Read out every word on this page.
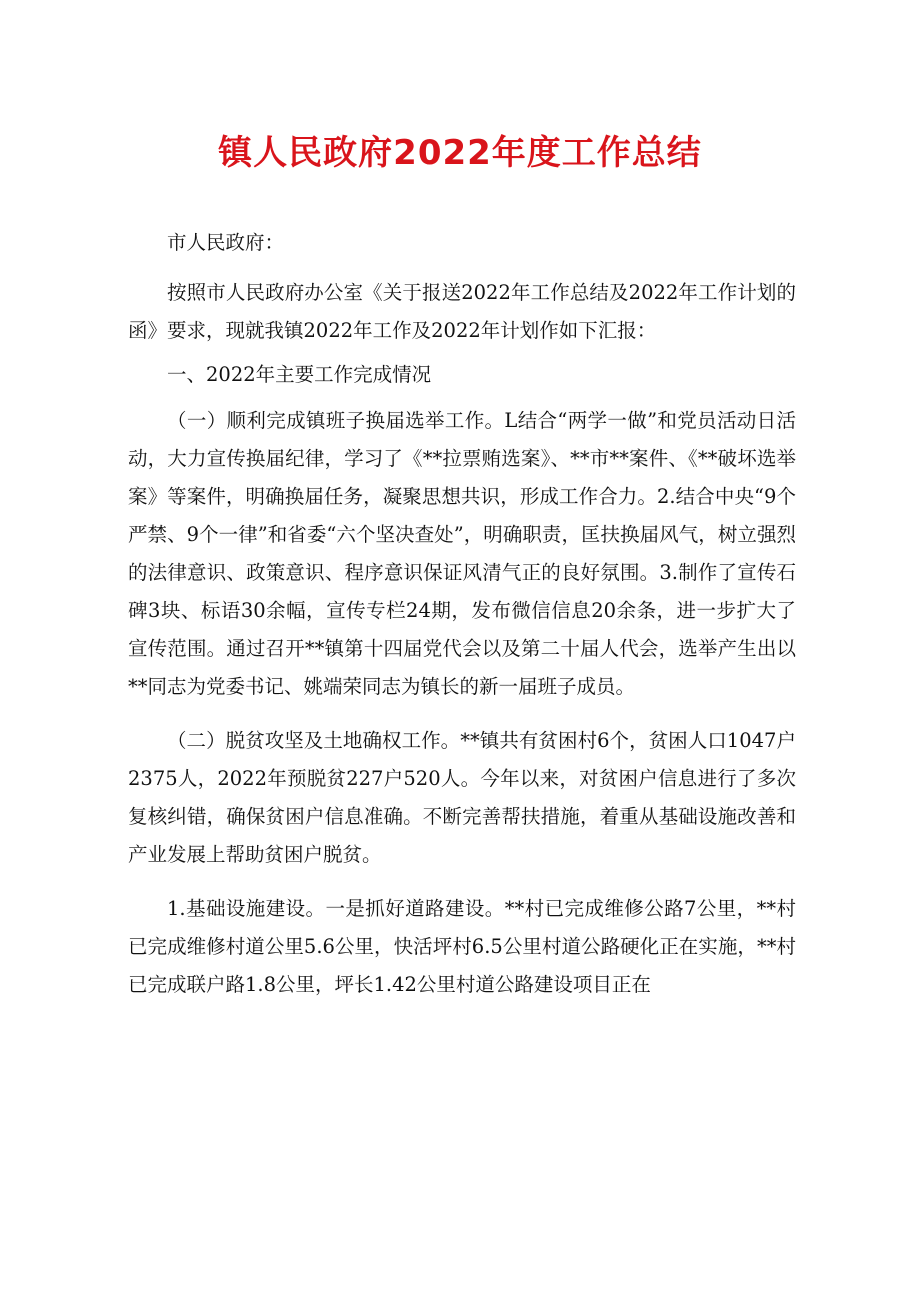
镇人民政府2022年度工作总结

市人民政府：

按照市人民政府办公室《关于报送2022年工作总结及2022年工作计划的函》要求，现就我镇2022年工作及2022年计划作如下汇报：

一、2022年主要工作完成情况

（一）顺利完成镇班子换届选举工作。L结合“两学一做”和党员活动日活动，大力宣传换届纪律，学习了《**拉票贿选案》、**市**案件、《**破坏选举案》等案件，明确换届任务，凝聚思想共识，形成工作合力。2.结合中央“9个严禁、9个一律”和省委“六个坚决查处”，明确职责，匡扶换届风气，树立强烈的法律意识、政策意识、程序意识保证风清气正的良好氛围。3.制作了宣传石碑3块、标语30余幅，宣传专栏24期，发布微信信息20余条，进一步扩大了宣传范围。通过召开**镇第十四届党代会以及第二十届人代会，选举产生出以**同志为党委书记、姚端荣同志为镇长的新一届班子成员。

（二）脱贫攻坚及土地确权工作。**镇共有贫困村6个，贫困人口1047户2375人，2022年预脱贫227户520人。今年以来，对贫困户信息进行了多次复核纠错，确保贫困户信息准确。不断完善帮扶措施，着重从基础设施改善和产业发展上帮助贫困户脱贫。

1.基础设施建设。一是抓好道路建设。**村已完成维修公路7公里，**村已完成维修村道公里5.6公里，快活坪村6.5公里村道公路硬化正在实施，**村已完成联户路1.8公里，坪长1.42公里村道公路建设项目正在
